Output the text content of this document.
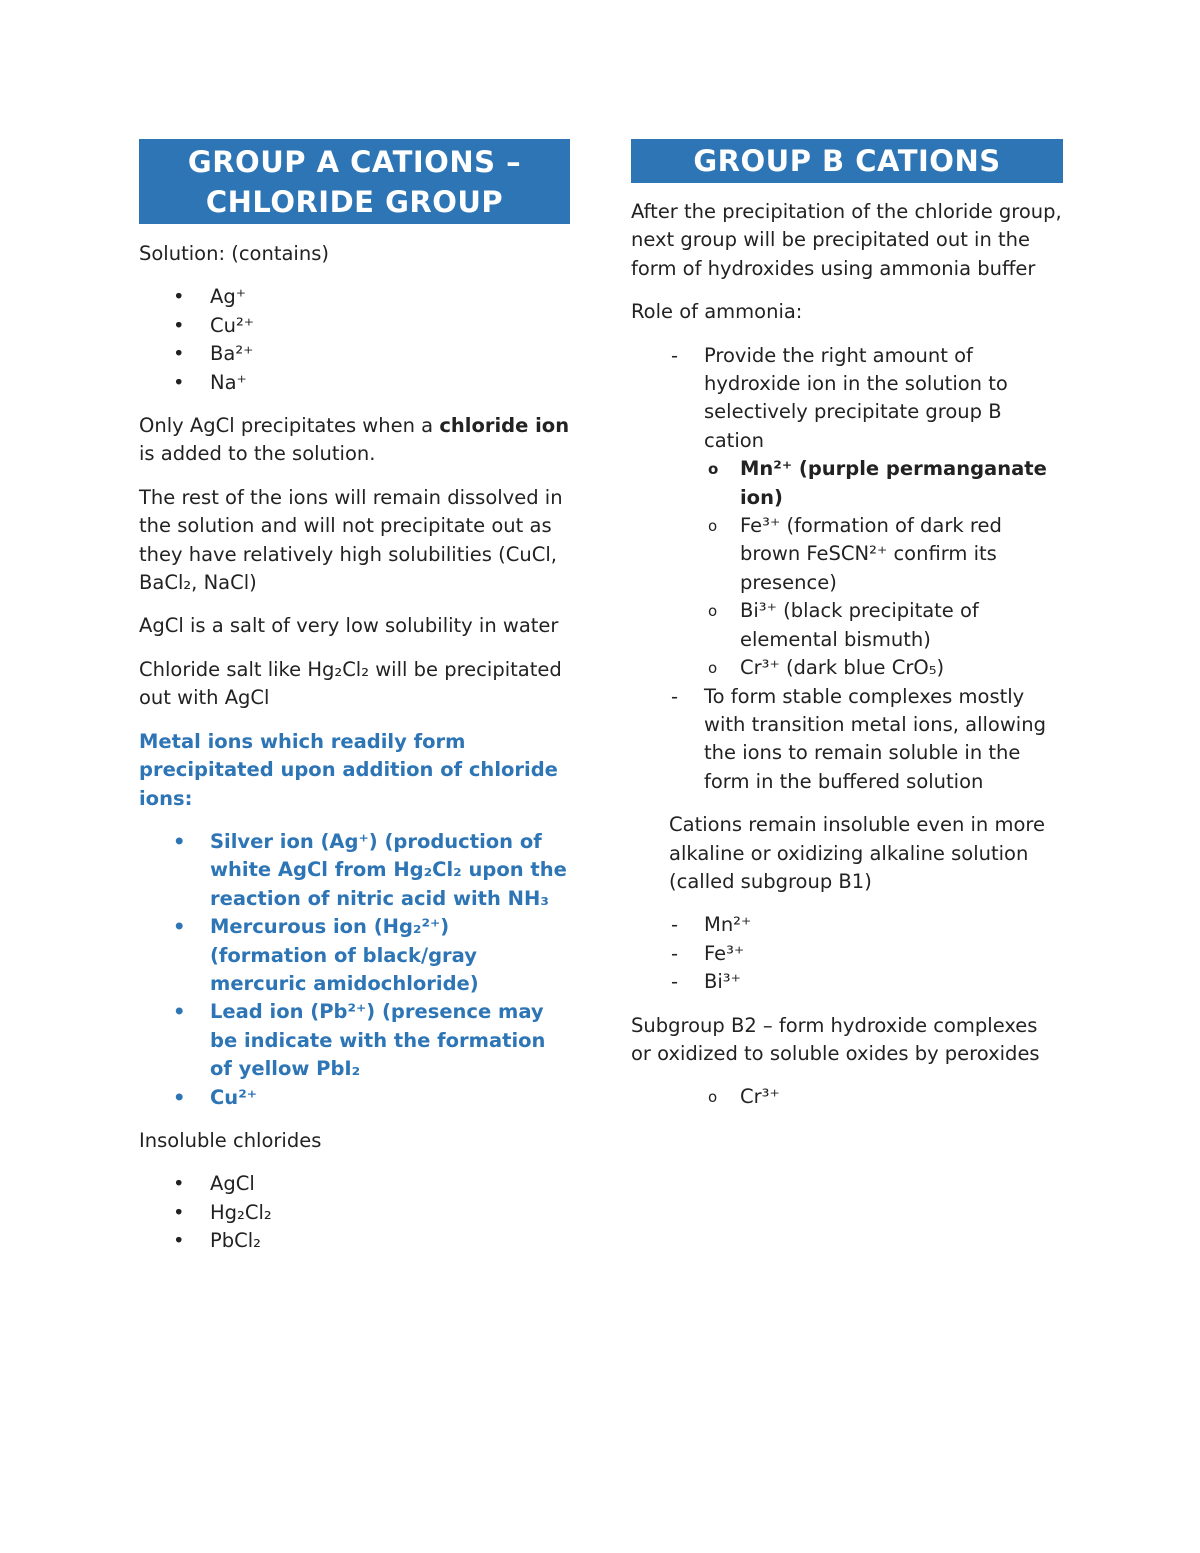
GROUP A CATIONS –
CHLORIDE GROUP

Solution: (contains)

• Ag⁺
• Cu²⁺
• Ba²⁺
• Na⁺

Only AgCl precipitates when a chloride ion
is added to the solution.

The rest of the ions will remain dissolved in the solution and will not precipitate out as they have relatively high solubilities (CuCl, BaCl₂, NaCl)

AgCl is a salt of very low solubility in water

Chloride salt like Hg₂Cl₂ will be precipitated out with AgCl

Metal ions which readily form precipitated upon addition of chloride ions:

• Silver ion (Ag⁺) (production of white AgCl from Hg₂Cl₂ upon the reaction of nitric acid with NH₃
• Mercurous ion (Hg₂²⁺) (formation of black/gray mercuric amidochloride)
• Lead ion (Pb²⁺) (presence may be indicate with the formation of yellow PbI₂
• Cu²⁺

Insoluble chlorides

• AgCl
• Hg₂Cl₂
• PbCl₂
GROUP B CATIONS

After the precipitation of the chloride group, next group will be precipitated out in the form of hydroxides using ammonia buffer

Role of ammonia:

- Provide the right amount of hydroxide ion in the solution to selectively precipitate group B cation
o Mn²⁺ (purple permanganate ion)
o Fe³⁺ (formation of dark red brown FeSCN²⁺ confirm its presence)
o Bi³⁺ (black precipitate of elemental bismuth)
o Cr³⁺ (dark blue CrO₅)
- To form stable complexes mostly with transition metal ions, allowing the ions to remain soluble in the form in the buffered solution

Cations remain insoluble even in more alkaline or oxidizing alkaline solution (called subgroup B1)

- Mn²⁺
- Fe³⁺
- Bi³⁺

Subgroup B2 – form hydroxide complexes or oxidized to soluble oxides by peroxides

o Cr³⁺
